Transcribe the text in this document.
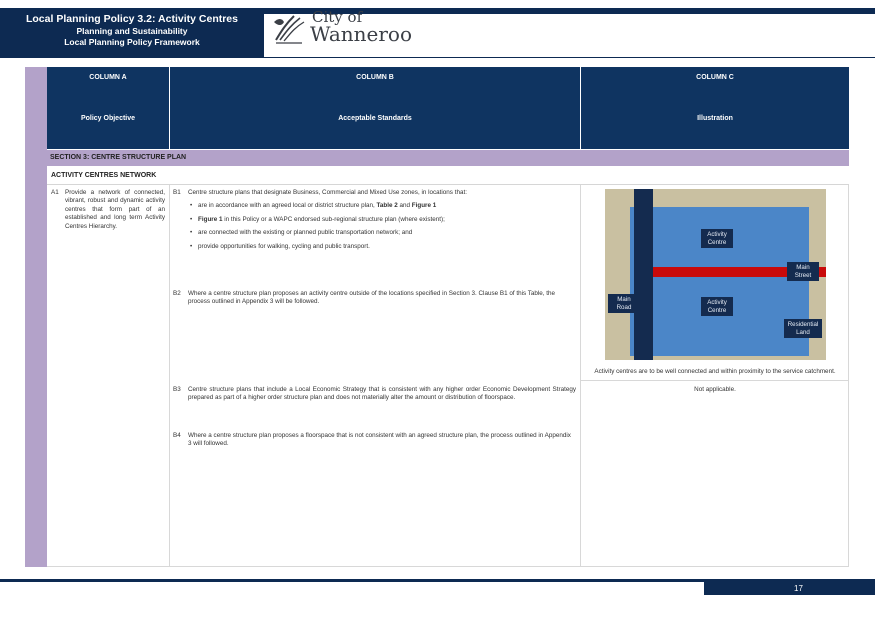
Local Planning Policy 3.2: Activity Centres
Planning and Sustainability
Local Planning Policy Framework
City of
Wanneroo
COLUMN A
Policy Objective
COLUMN B
Acceptable Standards
COLUMN C
Illustration
SECTION 3: CENTRE STRUCTURE PLAN
ACTIVITY CENTRES NETWORK
A1 Provide a network of connected, vibrant, robust and dynamic activity centres that form part of an established and long term Activity Centres Hierarchy.
B1 Centre structure plans that designate Business, Commercial and Mixed Use zones, in locations that:
• are in accordance with an agreed local or district structure plan, Table 2 and Figure 1
• Figure 1 in this Policy or a WAPC endorsed sub-regional structure plan (where existent);
• are connected with the existing or planned public transportation network; and
• provide opportunities for walking, cycling and public transport.
B2 Where a centre structure plan proposes an activity centre outside of the locations specified in Section 3. Clause B1 of this Table, the process outlined in Appendix 3 will be followed.
B3 Centre structure plans that include a Local Economic Strategy that is consistent with any higher order Economic Development Strategy prepared as part of a higher order structure plan and does not materially alter the amount or distribution of floorspace.
B4 Where a centre structure plan proposes a floorspace that is not consistent with an agreed structure plan, the process outlined in Appendix 3 will followed.
Activity Centre
Main Street
Main Road
Activity Centre
Residential Land
Activity centres are to be well connected and within proximity to the service catchment.
Not applicable.
17
